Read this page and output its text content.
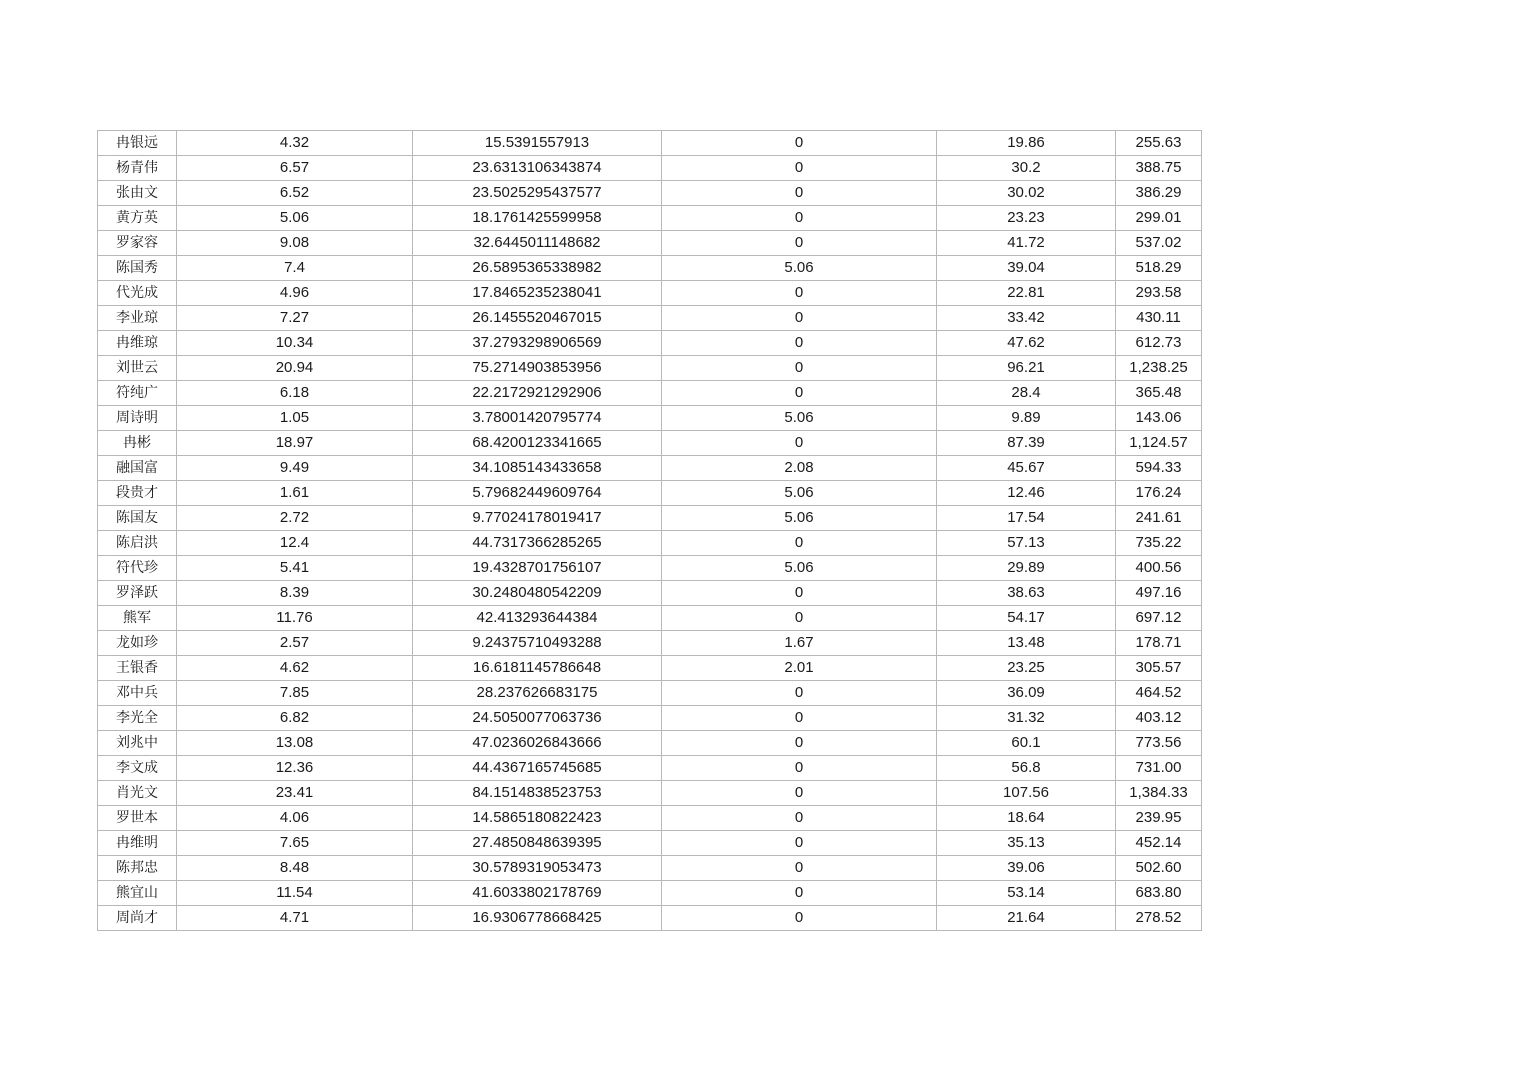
冉银远	4.32	15.5391557913	0	19.86	255.63
杨青伟	6.57	23.6313106343874	0	30.2	388.75
张由文	6.52	23.5025295437577	0	30.02	386.29
黄方英	5.06	18.1761425599958	0	23.23	299.01
罗家容	9.08	32.6445011148682	0	41.72	537.02
陈国秀	7.4	26.5895365338982	5.06	39.04	518.29
代光成	4.96	17.8465235238041	0	22.81	293.58
李业琼	7.27	26.1455520467015	0	33.42	430.11
冉维琼	10.34	37.2793298906569	0	47.62	612.73
刘世云	20.94	75.2714903853956	0	96.21	1,238.25
符纯广	6.18	22.2172921292906	0	28.4	365.48
周诗明	1.05	3.78001420795774	5.06	9.89	143.06
冉彬	18.97	68.4200123341665	0	87.39	1,124.57
融国富	9.49	34.1085143433658	2.08	45.67	594.33
段贵才	1.61	5.79682449609764	5.06	12.46	176.24
陈国友	2.72	9.77024178019417	5.06	17.54	241.61
陈启洪	12.4	44.7317366285265	0	57.13	735.22
符代珍	5.41	19.4328701756107	5.06	29.89	400.56
罗泽跃	8.39	30.2480480542209	0	38.63	497.16
熊军	11.76	42.413293644384	0	54.17	697.12
龙如珍	2.57	9.24375710493288	1.67	13.48	178.71
王银香	4.62	16.6181145786648	2.01	23.25	305.57
邓中兵	7.85	28.237626683175	0	36.09	464.52
李光全	6.82	24.5050077063736	0	31.32	403.12
刘兆中	13.08	47.0236026843666	0	60.1	773.56
李文成	12.36	44.4367165745685	0	56.8	731.00
肖光文	23.41	84.1514838523753	0	107.56	1,384.33
罗世本	4.06	14.5865180822423	0	18.64	239.95
冉维明	7.65	27.4850848639395	0	35.13	452.14
陈邦忠	8.48	30.5789319053473	0	39.06	502.60
熊宜山	11.54	41.6033802178769	0	53.14	683.80
周尚才	4.71	16.9306778668425	0	21.64	278.52
